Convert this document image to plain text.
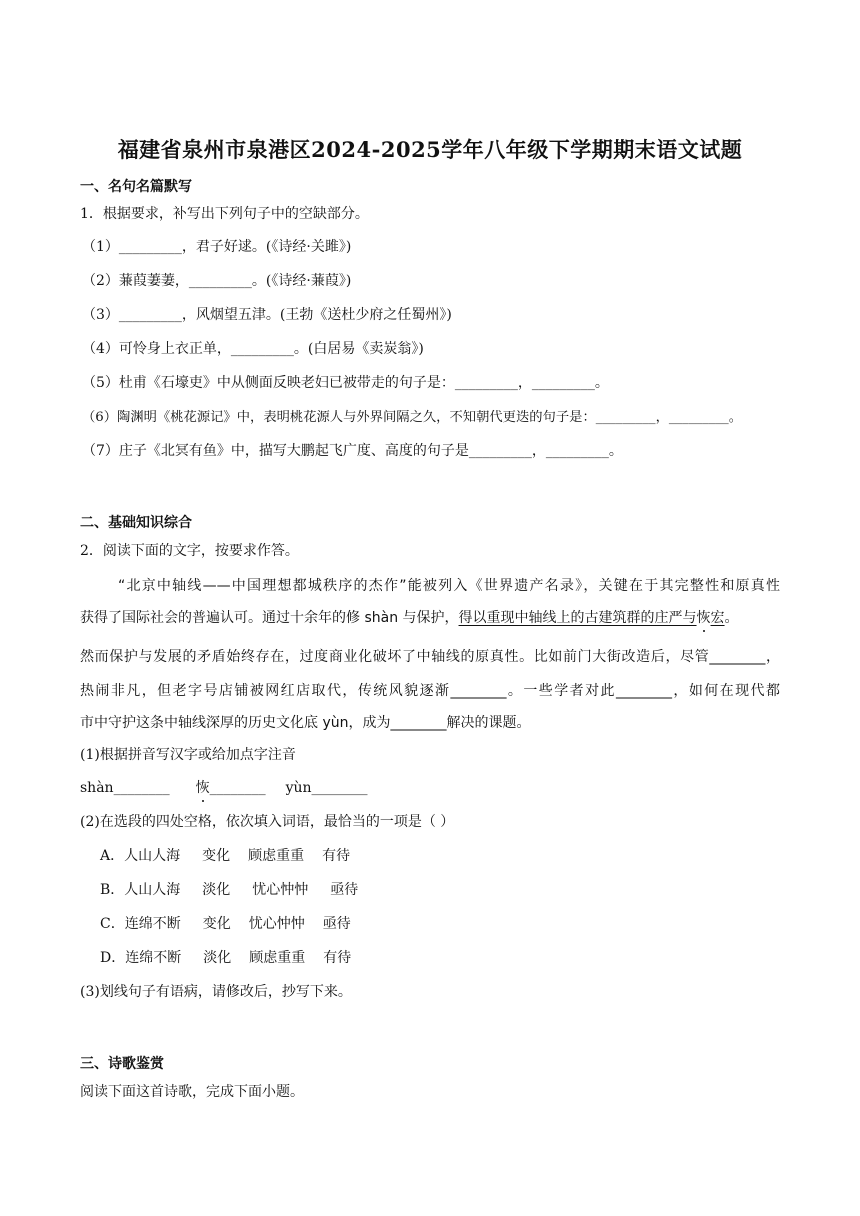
福建省泉州市泉港区2024-2025学年八年级下学期期末语文试题
一、名句名篇默写
1．根据要求，补写出下列句子中的空缺部分。
（1）_________，君子好逑。(《诗经·关雎》)
（2）蒹葭萋萋，_________。(《诗经·蒹葭》)
（3）_________，风烟望五津。(王勃《送杜少府之任蜀州》)
（4）可怜身上衣正单，_________。(白居易《卖炭翁》)
（5）杜甫《石壕吏》中从侧面反映老妇已被带走的句子是：_________，_________。
（6）陶渊明《桃花源记》中，表明桃花源人与外界间隔之久，不知朝代更迭的句子是：_________，_________。
（7）庄子《北冥有鱼》中，描写大鹏起飞广度、高度的句子是_________，_________。
二、基础知识综合
2．阅读下面的文字，按要求作答。
“北京中轴线——中国理想都城秩序的杰作”能被列入《世界遗产名录》，关键在于其完整性和原真性
获得了国际社会的普遍认可。通过十余年的修 shàn 与保护，得以重现中轴线上的古建筑群的庄严与恢宏。
然而保护与发展的矛盾始终存在，过度商业化破坏了中轴线的原真性。比如前门大街改造后，尽管________，
热闹非凡，但老字号店铺被网红店取代，传统风貌逐渐________。一些学者对此________，如何在现代都
市中守护这条中轴线深厚的历史文化底 yùn，成为________解决的课题。
(1)根据拼音写汉字或给加点字注音
shàn________ 恢________ yùn________
(2)在选段的四处空格，依次填入词语，最恰当的一项是（ ）
A．人山人海 变化 顾虑重重 有待
B．人山人海 淡化 忧心忡忡 亟待
C．连绵不断 变化 忧心忡忡 亟待
D．连绵不断 淡化 顾虑重重 有待
(3)划线句子有语病，请修改后，抄写下来。
三、诗歌鉴赏
阅读下面这首诗歌，完成下面小题。
